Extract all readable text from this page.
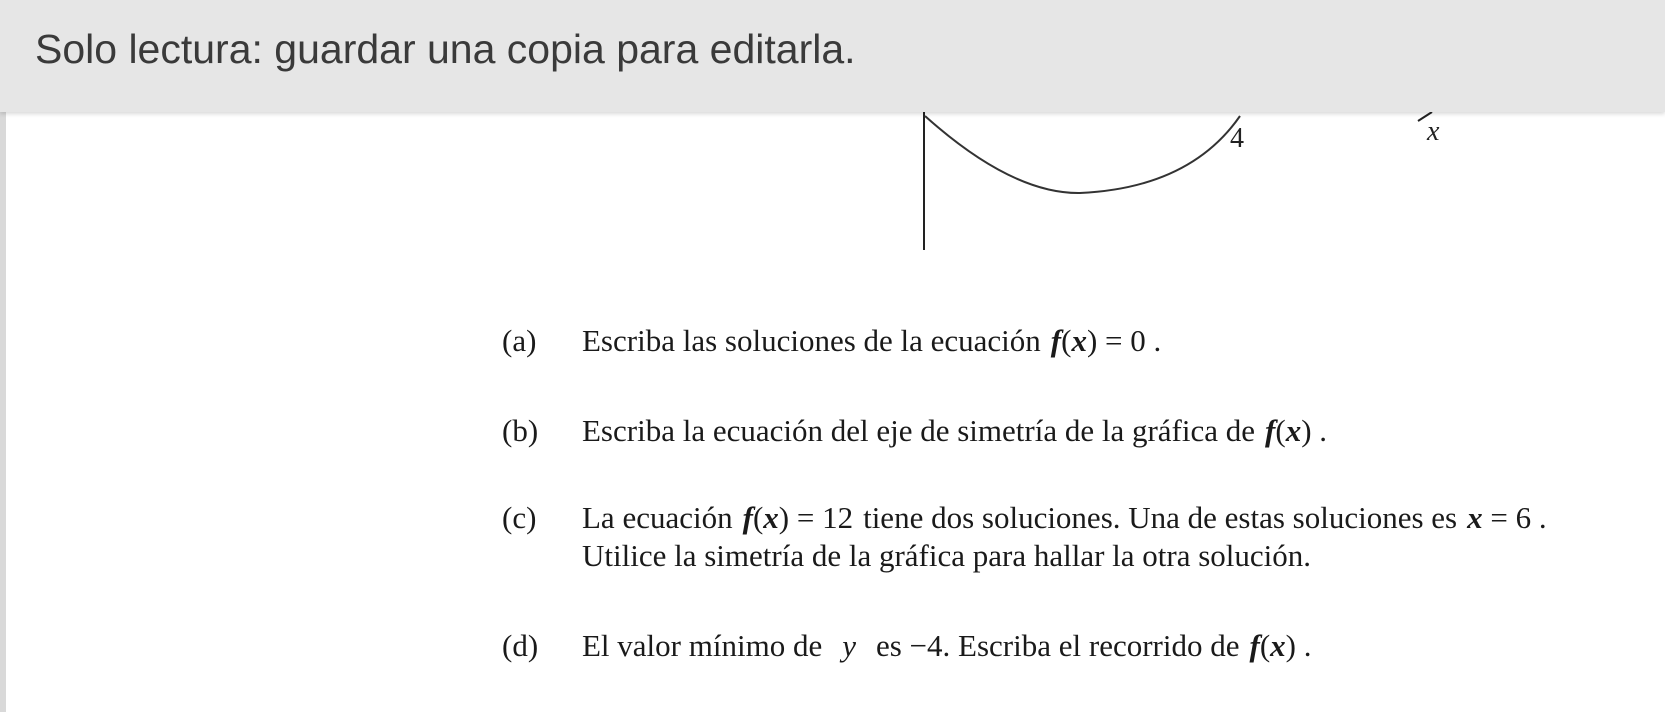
4	x
Solo lectura: guardar una copia para editarla.
(a) Escriba las soluciones de la ecuación f(x) = 0 .
(b) Escriba la ecuación del eje de simetría de la gráfica de f(x) .
(c) La ecuación f(x) = 12 tiene dos soluciones. Una de estas soluciones es x = 6 .
Utilice la simetría de la gráfica para hallar la otra solución.
(d) El valor mínimo de y es −4. Escriba el recorrido de f(x) .
